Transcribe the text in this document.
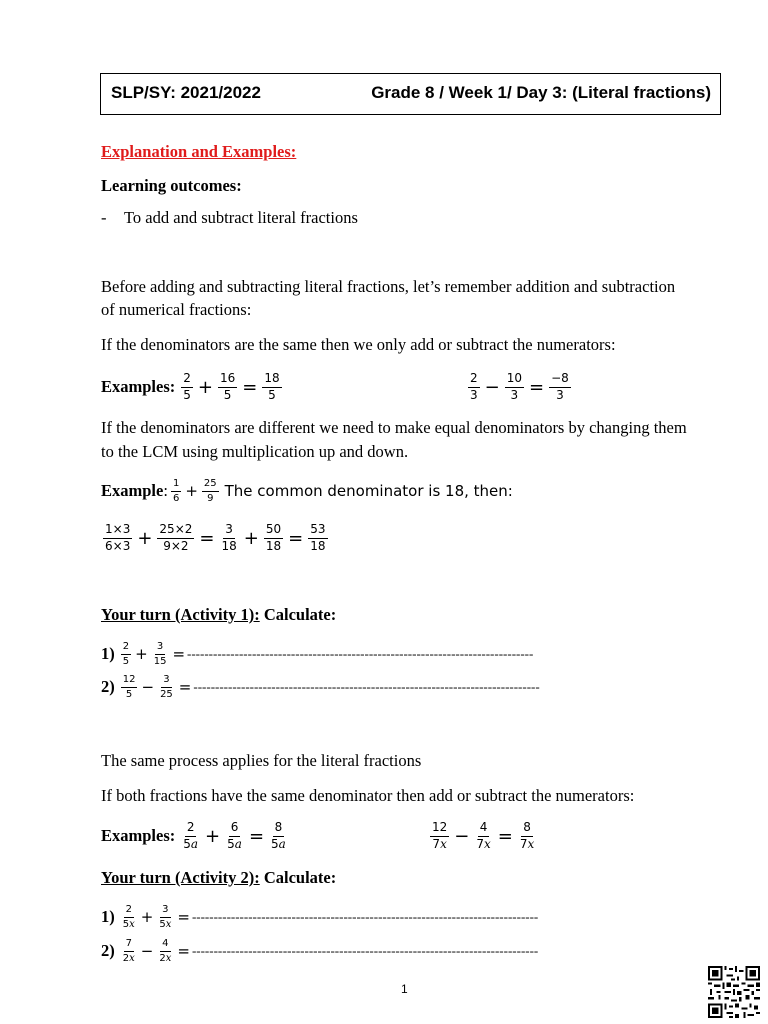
SLP/SY: 2021/2022	Grade 8 / Week 1/ Day 3: (Literal fractions)
Explanation and Examples:
Learning outcomes:
- To add and subtract literal fractions
Before adding and subtracting literal fractions, let’s remember addition and subtraction
of numerical fractions:
If the denominators are the same then we only add or subtract the numerators:
Examples: $\frac{2}{5} + \frac{16}{5} = \frac{18}{5}$	$\frac{2}{3} - \frac{10}{3} = \frac{-8}{3}$
If the denominators are different we need to make equal denominators by changing them
to the LCM using multiplication up and down.
Example : $\frac{1}{6} + \frac{25}{9}$ The common denominator is 18, then:
$\frac{1\times 3}{6\times 3} + \frac{25\times 2}{9\times 2} = \frac{3}{18} + \frac{50}{18} = \frac{53}{18}$
Your turn (Activity 1): Calculate:
$1) \frac{2}{5} + \frac{3}{15}$ = --------------------------------------------------------------------------------
$2) \frac{12}{5} - \frac{3}{25}$ = --------------------------------------------------------------------------------
The same process applies for the literal fractions
If both fractions have the same denominator then add or subtract the numerators:
Examples: $\frac{2}{5a} + \frac{6}{5a} = \frac{8}{5a}$	$\frac{12}{7x} - \frac{4}{7x} = \frac{8}{7x}$
Your turn (Activity 2): Calculate:
$1) \frac{2}{5x} + \frac{3}{5x}$ = --------------------------------------------------------------------------------
$2) \frac{7}{2x} - \frac{4}{2x}$ = --------------------------------------------------------------------------------
1
